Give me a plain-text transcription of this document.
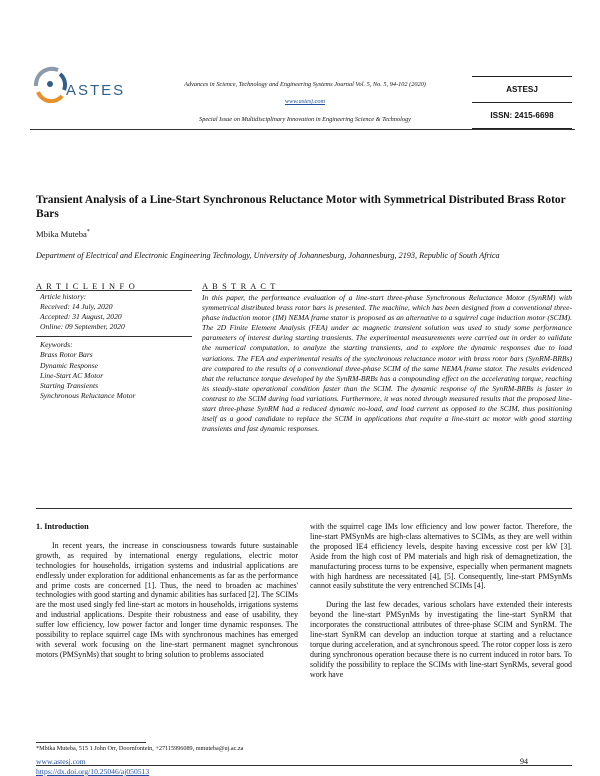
ASTES	Advances in Science, Technology and Engineering Systems Journal Vol. 5, No. 5, 94-102 (2020)
www.astesj.com
Special Issue on Multidisciplinary Innovation in Engineering Science & Technology
ASTESJ
ISSN: 2415-6698
Transient Analysis of a Line-Start Synchronous Reluctance Motor with Symmetrical Distributed Brass Rotor Bars
Mbika Muteba*
Department of Electrical and Electronic Engineering Technology, University of Johannesburg, Johannesburg, 2193, Republic of South Africa
A R T I C L E I N F O	A B S T R A C T
Article history:
Received: 14 July, 2020
Accepted: 31 August, 2020
Online: 09 September, 2020
Keywords:
Brass Rotor Bars
Dynamic Response
Line-Start AC Motor
Starting Transients
Synchronous Reluctance Motor
In this paper, the performance evaluation of a line-start three-phase Synchronous Reluctance Motor (SynRM) with symmetrical distributed brass rotor bars is presented. The machine, which has been designed from a conventional three-phase induction motor (IM) NEMA frame stator is proposed as an alternative to a squirrel cage induction motor (SCIM). The 2D Finite Element Analysis (FEA) under ac magnetic transient solution was used to study some performance parameters of interest during starting transients. The experimental measurements were carried out in order to validate the numerical computation, to analyze the starting transients, and to explore the dynamic responses due to load variations. The FEA and experimental results of the synchronous reluctance motor with brass rotor bars (SynRM-BRBs) are compared to the results of a conventional three-phase SCIM of the same NEMA frame stator. The results evidenced that the reluctance torque developed by the SynRM-BRBs has a compounding effect on the accelerating torque, reaching its steady-state operational condition faster than the SCIM. The dynamic response of the SynRM-BRBs is faster in contrast to the SCIM during load variations. Furthermore, it was noted through measured results that the proposed line-start three-phase SynRM had a reduced dynamic no-load, and load current as opposed to the SCIM, thus positioning itself as a good candidate to replace the SCIM in applications that require a line-start ac motor with good starting transients and fast dynamic responses.
1. Introduction
In recent years, the increase in consciousness towards future sustainable growth, as required by international energy regulations, electric motor technologies for households, irrigation systems and industrial applications are endlessly under exploration for additional enhancements as far as the performance and prime costs are concerned [1]. Thus, the need to broaden ac machines' technologies with good starting and dynamic abilities has surfaced [2]. The SCIMs are the most used singly fed line-start ac motors in households, irrigations systems and industrial applications. Despite their robustness and ease of usability, they suffer low efficiency, low power factor and longer time dynamic responses. The possibility to replace squirrel cage IMs with synchronous machines has emerged with several work focusing on the line-start permanent magnet synchronous motors (PMSynMs) that sought to bring solution to problems associated
with the squirrel cage IMs low efficiency and low power factor. Therefore, the line-start PMSynMs are high-class alternatives to SCIMs, as they are well within the proposed IE4 efficiency levels, despite having excessive cost per kW [3]. Aside from the high cost of PM materials and high risk of demagnetization, the manufacturing process turns to be expensive, especially when permanent magnets with high hardness are necessitated [4], [5]. Consequently, line-start PMSynMs cannot easily substitute the very entrenched SCIMs [4].
During the last few decades, various scholars have extended their interests beyond the line-start PMSynMs by investigating the line-start SynRM that incorporates the constructional attributes of three-phase SCIM and SynRM. The line-start SynRM can develop an induction torque at starting and a reluctance torque during acceleration, and at synchronous speed. The rotor copper loss is zero during synchronous operation because there is no current induced in rotor bars. To solidify the possibility to replace the SCIMs with line-start SynRMs, several good work have
*Mbika Muteba, 515 1 John Orr, Doornfontein, +27115996089, mmuteba@uj.ac.za
www.astesj.com
https://dx.doi.org/10.25046/aj050513
94
